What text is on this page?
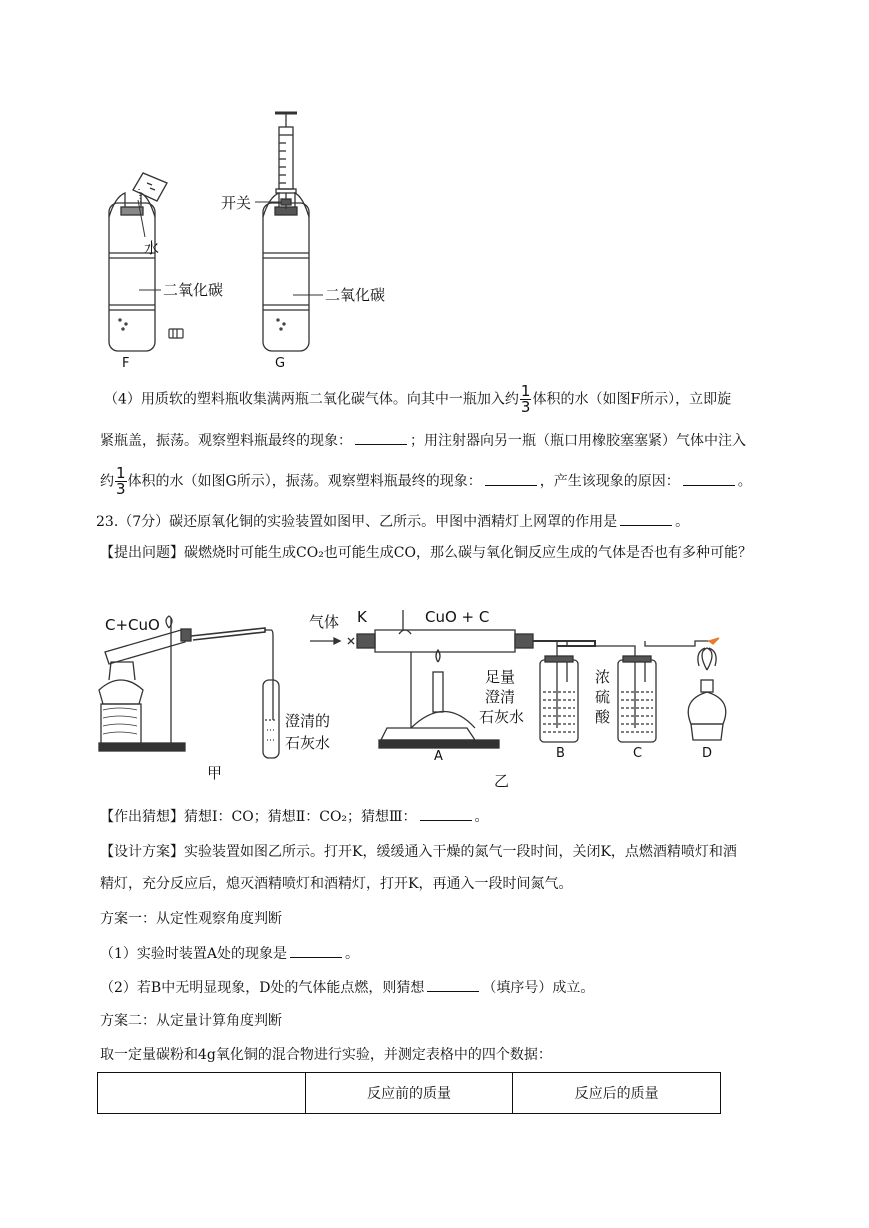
水
二氧化碳
F
开关
二氧化碳
G
（4）用质软的塑料瓶收集满两瓶二氧化碳气体。向其中一瓶加入约 $\frac{1}{3}$ 体积的水（如图F所示），立即旋
紧瓶盖，振荡。观察塑料瓶最终的现象：	；用注射器向另一瓶（瓶口用橡胶塞塞紧）气体中注入
约 $\frac{1}{3}$ 体积的水（如图G所示），振荡。观察塑料瓶最终的现象：	，产生该现象的原因：	。
23.（7分）碳还原氧化铜的实验装置如图甲、乙所示。甲图中酒精灯上网罩的作用是	。
【提出问题】碳燃烧时可能生成CO₂也可能生成CO，那么碳与氧化铜反应生成的气体是否也有多种可能？
C+CuO
澄清的
石灰水
甲
气体 K	CuO + C
足量
澄清
石灰水
浓
硫
酸
A	B	C	D
乙
【作出猜想】猜想Ⅰ：CO；猜想Ⅱ：CO₂；猜想Ⅲ：	。
【设计方案】实验装置如图乙所示。打开K，缓缓通入干燥的氮气一段时间，关闭K，点燃酒精喷灯和酒
精灯，充分反应后，熄灭酒精喷灯和酒精灯，打开K，再通入一段时间氮气。
方案一：从定性观察角度判断
（1）实验时装置A处的现象是	。
（2）若B中无明显现象，D处的气体能点燃，则猜想	（填序号）成立。
方案二：从定量计算角度判断
取一定量碳粉和4g氧化铜的混合物进行实验，并测定表格中的四个数据：
	反应前的质量	反应后的质量
